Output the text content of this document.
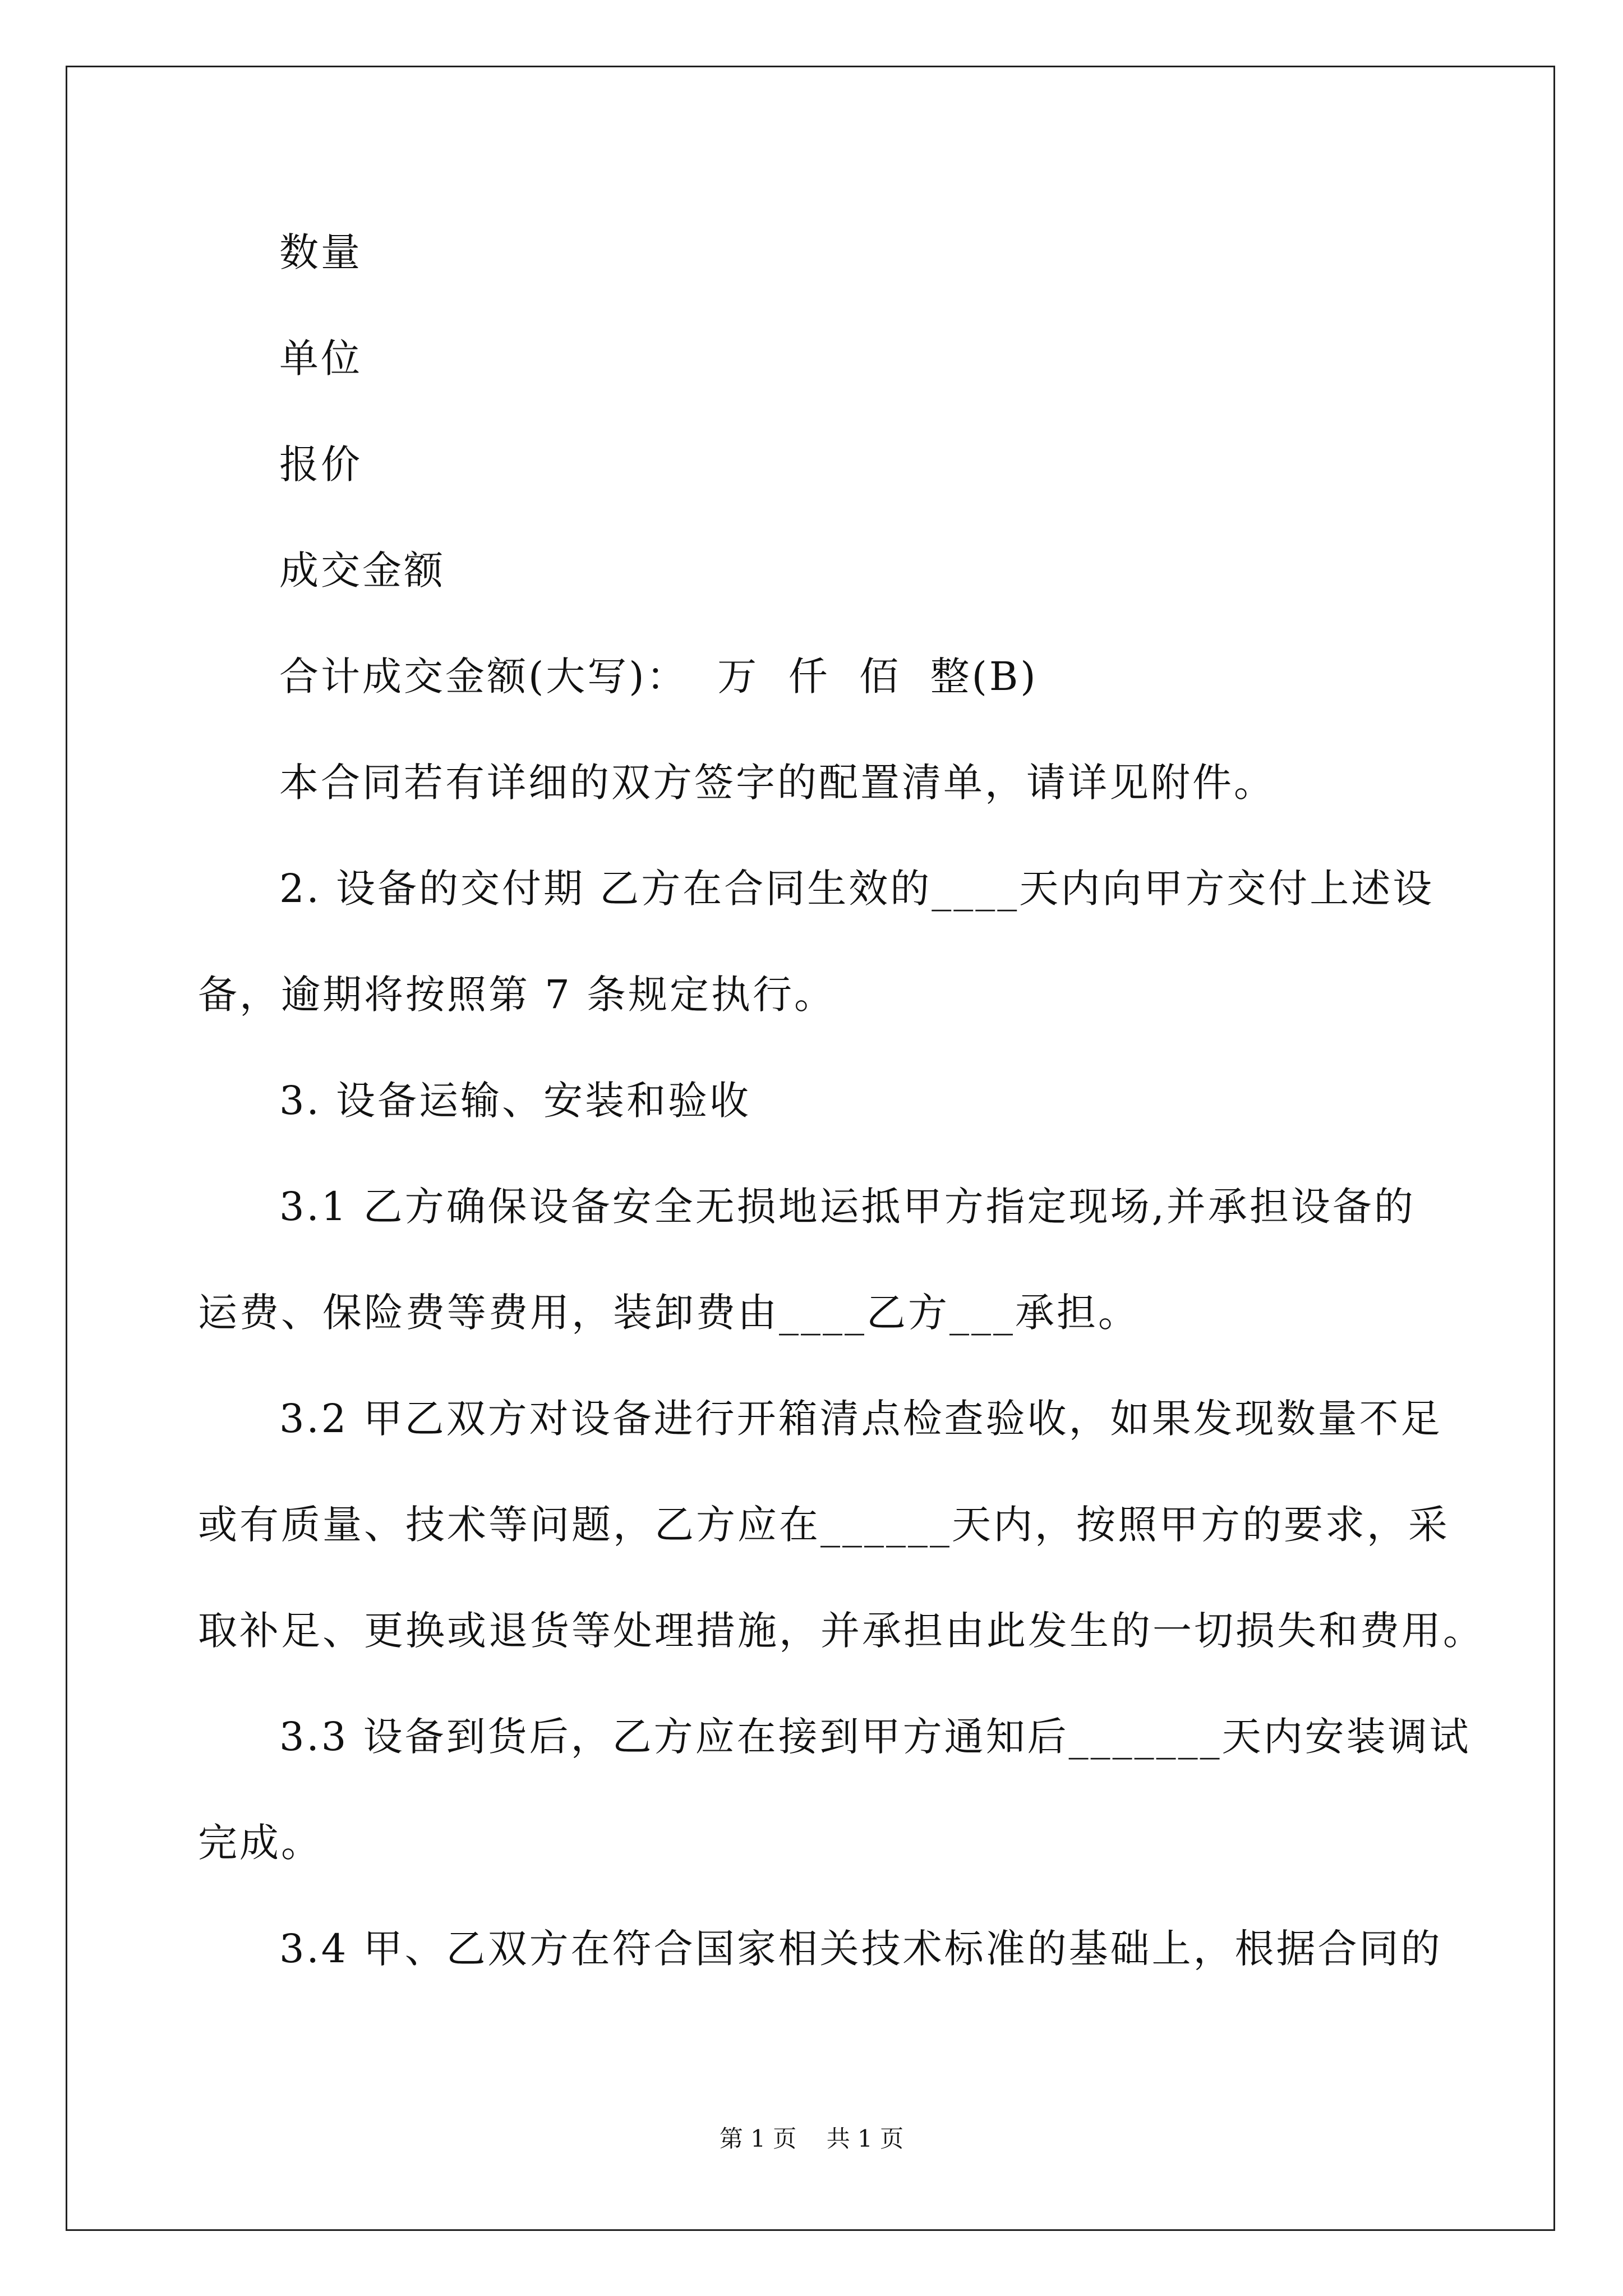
数量
单位
报价
成交金额
合计成交金额(大写)：  万  仟  佰  整(B)
本合同若有详细的双方签字的配置清单，请详见附件。
2. 设备的交付期 乙方在合同生效的____天内向甲方交付上述设
备，逾期将按照第 7 条规定执行。
3. 设备运输、安装和验收
3.1 乙方确保设备安全无损地运抵甲方指定现场,并承担设备的
运费、保险费等费用，装卸费由____乙方___承担。
3.2 甲乙双方对设备进行开箱清点检查验收，如果发现数量不足
或有质量、技术等问题，乙方应在______天内，按照甲方的要求，采
取补足、更换或退货等处理措施，并承担由此发生的一切损失和费用。
3.3 设备到货后，乙方应在接到甲方通知后_______天内安装调试
完成。
3.4 甲、乙双方在符合国家相关技术标准的基础上，根据合同的
第 1 页    共 1 页
